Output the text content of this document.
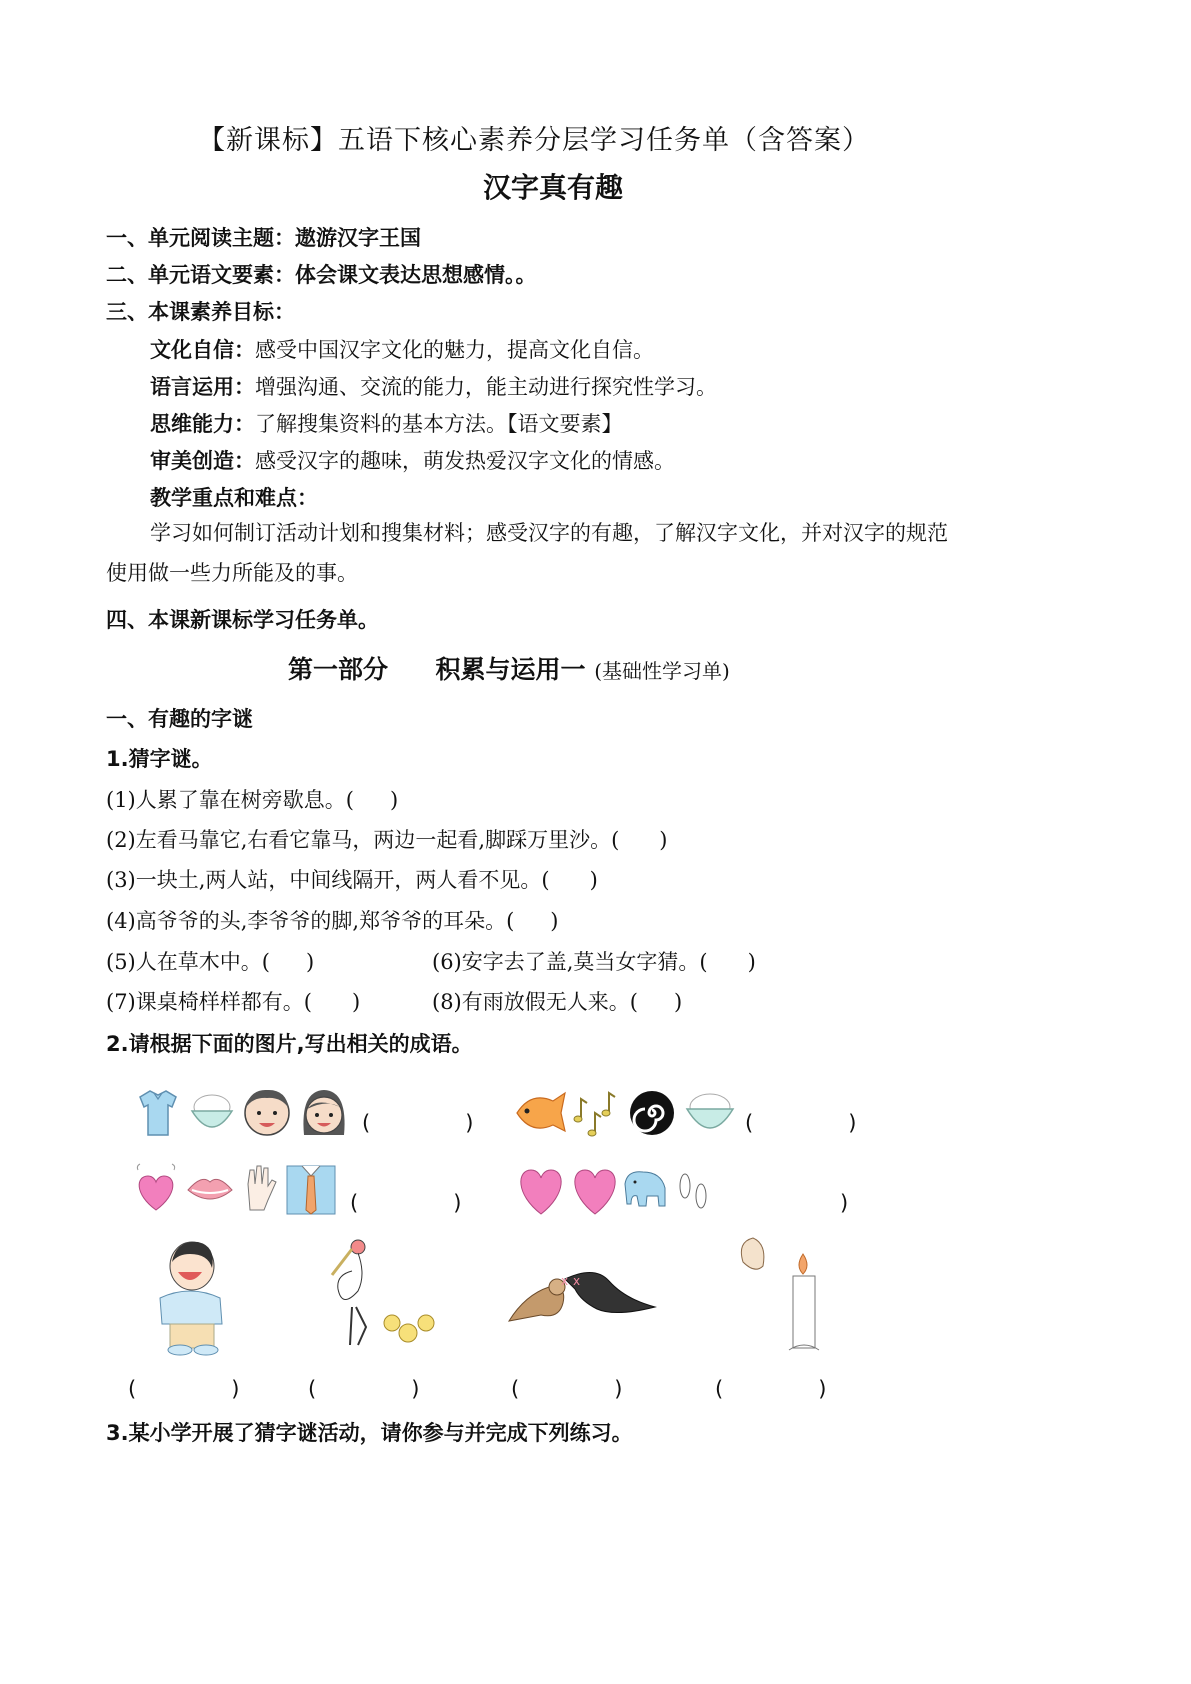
【新课标】五语下核心素养分层学习任务单（含答案）
汉字真有趣
一、单元阅读主题：遨游汉字王国
二、单元语文要素：体会课文表达思想感情。。
三、本课素养目标：
文化自信：感受中国汉字文化的魅力，提高文化自信。
语言运用：增强沟通、交流的能力，能主动进行探究性学习。
思维能力：了解搜集资料的基本方法。【语文要素】
审美创造：感受汉字的趣味，萌发热爱汉字文化的情感。
教学重点和难点：
学习如何制订活动计划和搜集材料；感受汉字的有趣，了解汉字文化，并对汉字的规范
使用做一些力所能及的事。
四、本课新课标学习任务单。
第一部分 积累与运用一 (基础性学习单)
一、有趣的字谜
1.猜字谜。
(1)人累了靠在树旁歇息。( )
(2)左看马靠它,右看它靠马，两边一起看,脚踩万里沙。( )
(3)一块土,两人站，中间线隔开，两人看不见。( )
(4)高爷爷的头,李爷爷的脚,郑爷爷的耳朵。( )
(5)人在草木中。( )	(6)安字去了盖,莫当女字猜。( )
(7)课桌椅样样都有。( )	(8)有雨放假无人来。( )
2.请根据下面的图片,写出相关的成语。
(	)	(	)
(	)	)
x x
(	)	(	)	(	)	(	)
3.某小学开展了猜字谜活动，请你参与并完成下列练习。
